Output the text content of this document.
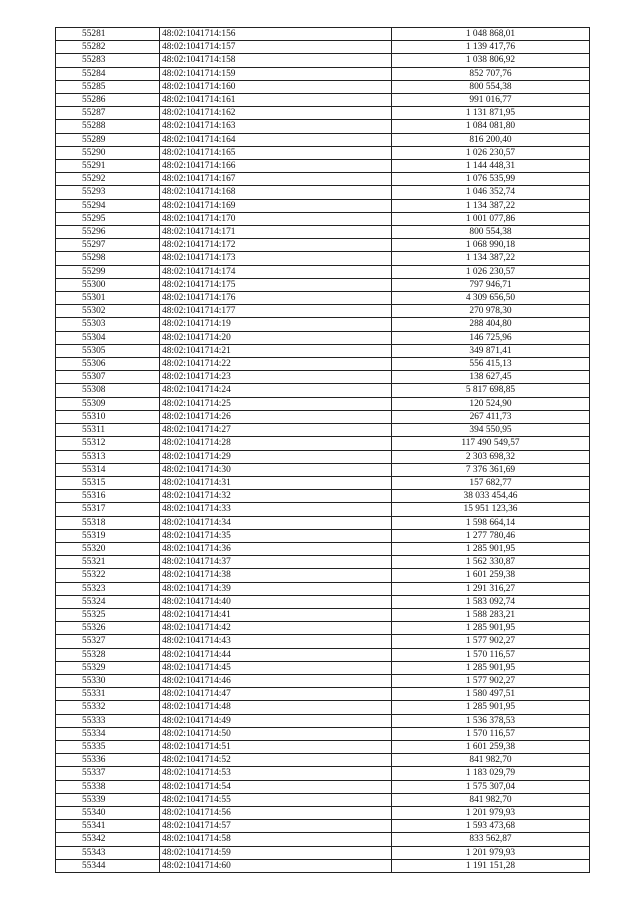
55281	48:02:1041714:156	1 048 868,01
55282	48:02:1041714:157	1 139 417,76
55283	48:02:1041714:158	1 038 806,92
55284	48:02:1041714:159	852 707,76
55285	48:02:1041714:160	800 554,38
55286	48:02:1041714:161	991 016,77
55287	48:02:1041714:162	1 131 871,95
55288	48:02:1041714:163	1 084 081,80
55289	48:02:1041714:164	816 200,40
55290	48:02:1041714:165	1 026 230,57
55291	48:02:1041714:166	1 144 448,31
55292	48:02:1041714:167	1 076 535,99
55293	48:02:1041714:168	1 046 352,74
55294	48:02:1041714:169	1 134 387,22
55295	48:02:1041714:170	1 001 077,86
55296	48:02:1041714:171	800 554,38
55297	48:02:1041714:172	1 068 990,18
55298	48:02:1041714:173	1 134 387,22
55299	48:02:1041714:174	1 026 230,57
55300	48:02:1041714:175	797 946,71
55301	48:02:1041714:176	4 309 656,50
55302	48:02:1041714:177	270 978,30
55303	48:02:1041714:19	288 404,80
55304	48:02:1041714:20	146 725,96
55305	48:02:1041714:21	349 871,41
55306	48:02:1041714:22	556 415,13
55307	48:02:1041714:23	138 627,45
55308	48:02:1041714:24	5 817 698,85
55309	48:02:1041714:25	120 524,90
55310	48:02:1041714:26	267 411,73
55311	48:02:1041714:27	394 550,95
55312	48:02:1041714:28	117 490 549,57
55313	48:02:1041714:29	2 303 698,32
55314	48:02:1041714:30	7 376 361,69
55315	48:02:1041714:31	157 682,77
55316	48:02:1041714:32	38 033 454,46
55317	48:02:1041714:33	15 951 123,36
55318	48:02:1041714:34	1 598 664,14
55319	48:02:1041714:35	1 277 780,46
55320	48:02:1041714:36	1 285 901,95
55321	48:02:1041714:37	1 562 330,87
55322	48:02:1041714:38	1 601 259,38
55323	48:02:1041714:39	1 291 316,27
55324	48:02:1041714:40	1 583 092,74
55325	48:02:1041714:41	1 588 283,21
55326	48:02:1041714:42	1 285 901,95
55327	48:02:1041714:43	1 577 902,27
55328	48:02:1041714:44	1 570 116,57
55329	48:02:1041714:45	1 285 901,95
55330	48:02:1041714:46	1 577 902,27
55331	48:02:1041714:47	1 580 497,51
55332	48:02:1041714:48	1 285 901,95
55333	48:02:1041714:49	1 536 378,53
55334	48:02:1041714:50	1 570 116,57
55335	48:02:1041714:51	1 601 259,38
55336	48:02:1041714:52	841 982,70
55337	48:02:1041714:53	1 183 029,79
55338	48:02:1041714:54	1 575 307,04
55339	48:02:1041714:55	841 982,70
55340	48:02:1041714:56	1 201 979,93
55341	48:02:1041714:57	1 593 473,68
55342	48:02:1041714:58	833 562,87
55343	48:02:1041714:59	1 201 979,93
55344	48:02:1041714:60	1 191 151,28
